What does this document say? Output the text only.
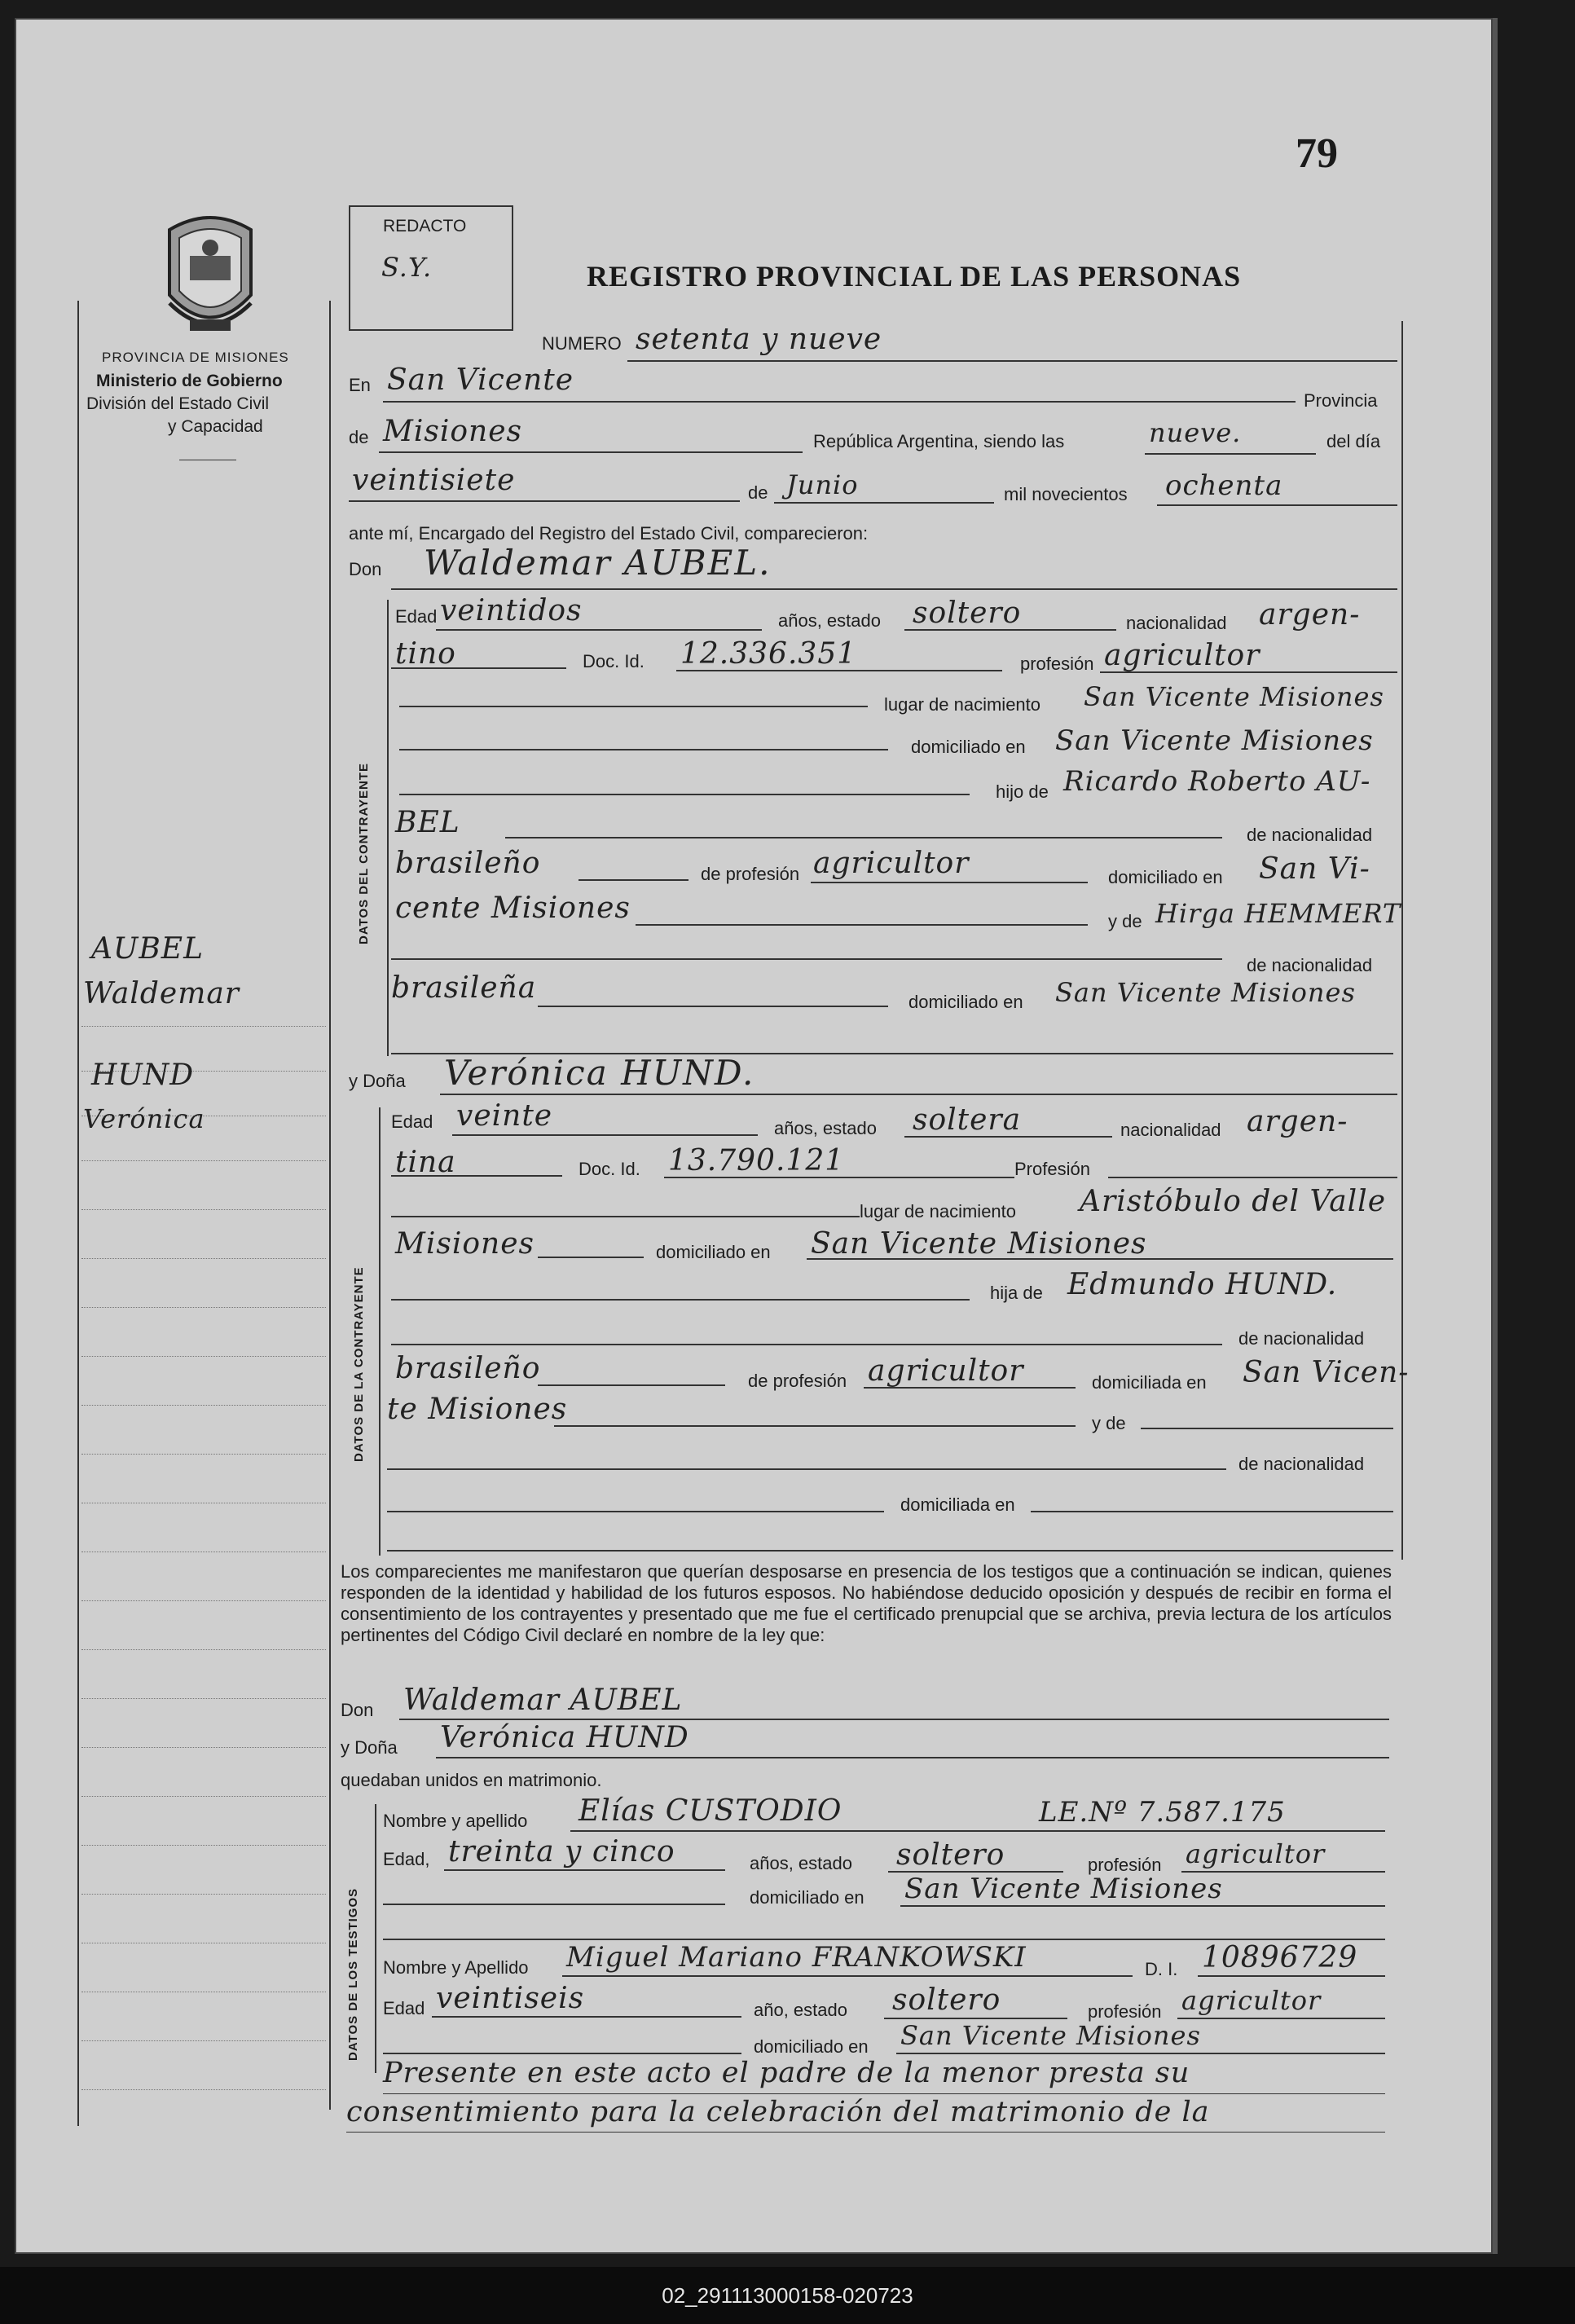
79
PROVINCIA DE MISIONES
Ministerio de Gobierno
División del Estado Civil
y Capacidad
AUBEL
Waldemar
HUND
Verónica
REDACTO
S.Y.	REGISTRO PROVINCIAL DE LAS PERSONAS
NUMERO setenta y nueve
En San Vicente
Provincia
de Misiones	República Argentina, siendo las	nueve.	del día
veintisiete	de Junio	mil novecientos ochenta
ante mí, Encargado del Registro del Estado Civil, comparecieron:
Don Waldemar AUBEL.
DATOS DEL CONTRAYENTE
Edad veintidos	años, estado soltero	nacionalidad argen-
tino	Doc. Id. 12.336.351	profesión agricultor
lugar de nacimiento San Vicente Misiones
domiciliado en San Vicente Misiones
hijo de Ricardo Roberto AU-
BEL	de nacionalidad
brasileño	de profesión agricultor	domiciliado en San Vi-
cente Misiones	y de Hirga HEMMERT
de nacionalidad
brasileña	domiciliado en San Vicente Misiones
y Doña Verónica HUND.
DATOS DE LA CONTRAYENTE
Edad veinte	años, estado soltera	nacionalidad argen-
tina	Doc. Id. 13.790.121	Profesión
lugar de nacimiento Aristóbulo del Valle
Misiones	domiciliado en San Vicente Misiones
hija de Edmundo HUND.
de nacionalidad
brasileño	de profesión agricultor	domiciliada en San Vicen-
te Misiones	y de
de nacionalidad
domiciliada en
Los comparecientes me manifestaron que querían desposarse en presencia de los testigos que a continuación se indican, quienes responden de la identidad y habilidad de los futuros esposos. No habiéndose deducido oposición y después de recibir en forma el consentimiento de los contrayentes y presentado que me fue el certificado prenupcial que se archiva, previa lectura de los artículos pertinentes del Código Civil declaré en nombre de la ley que:
Don Waldemar AUBEL
y Doña Verónica HUND
quedaban unidos en matrimonio.
DATOS DE LOS TESTIGOS
Nombre y apellido Elías CUSTODIO	LE.Nº 7.587.175
Edad, treinta y cinco	años, estado soltero	profesión agricultor
domiciliado en San Vicente Misiones
Nombre y Apellido Miguel Mariano FRANKOWSKI	D. I. 10896729
Edad veintiseis	año, estado soltero	profesión agricultor
domiciliado en San Vicente Misiones
Presente en este acto el padre de la menor presta su
consentimiento para la celebración del matrimonio de la
02_291113000158-020723
